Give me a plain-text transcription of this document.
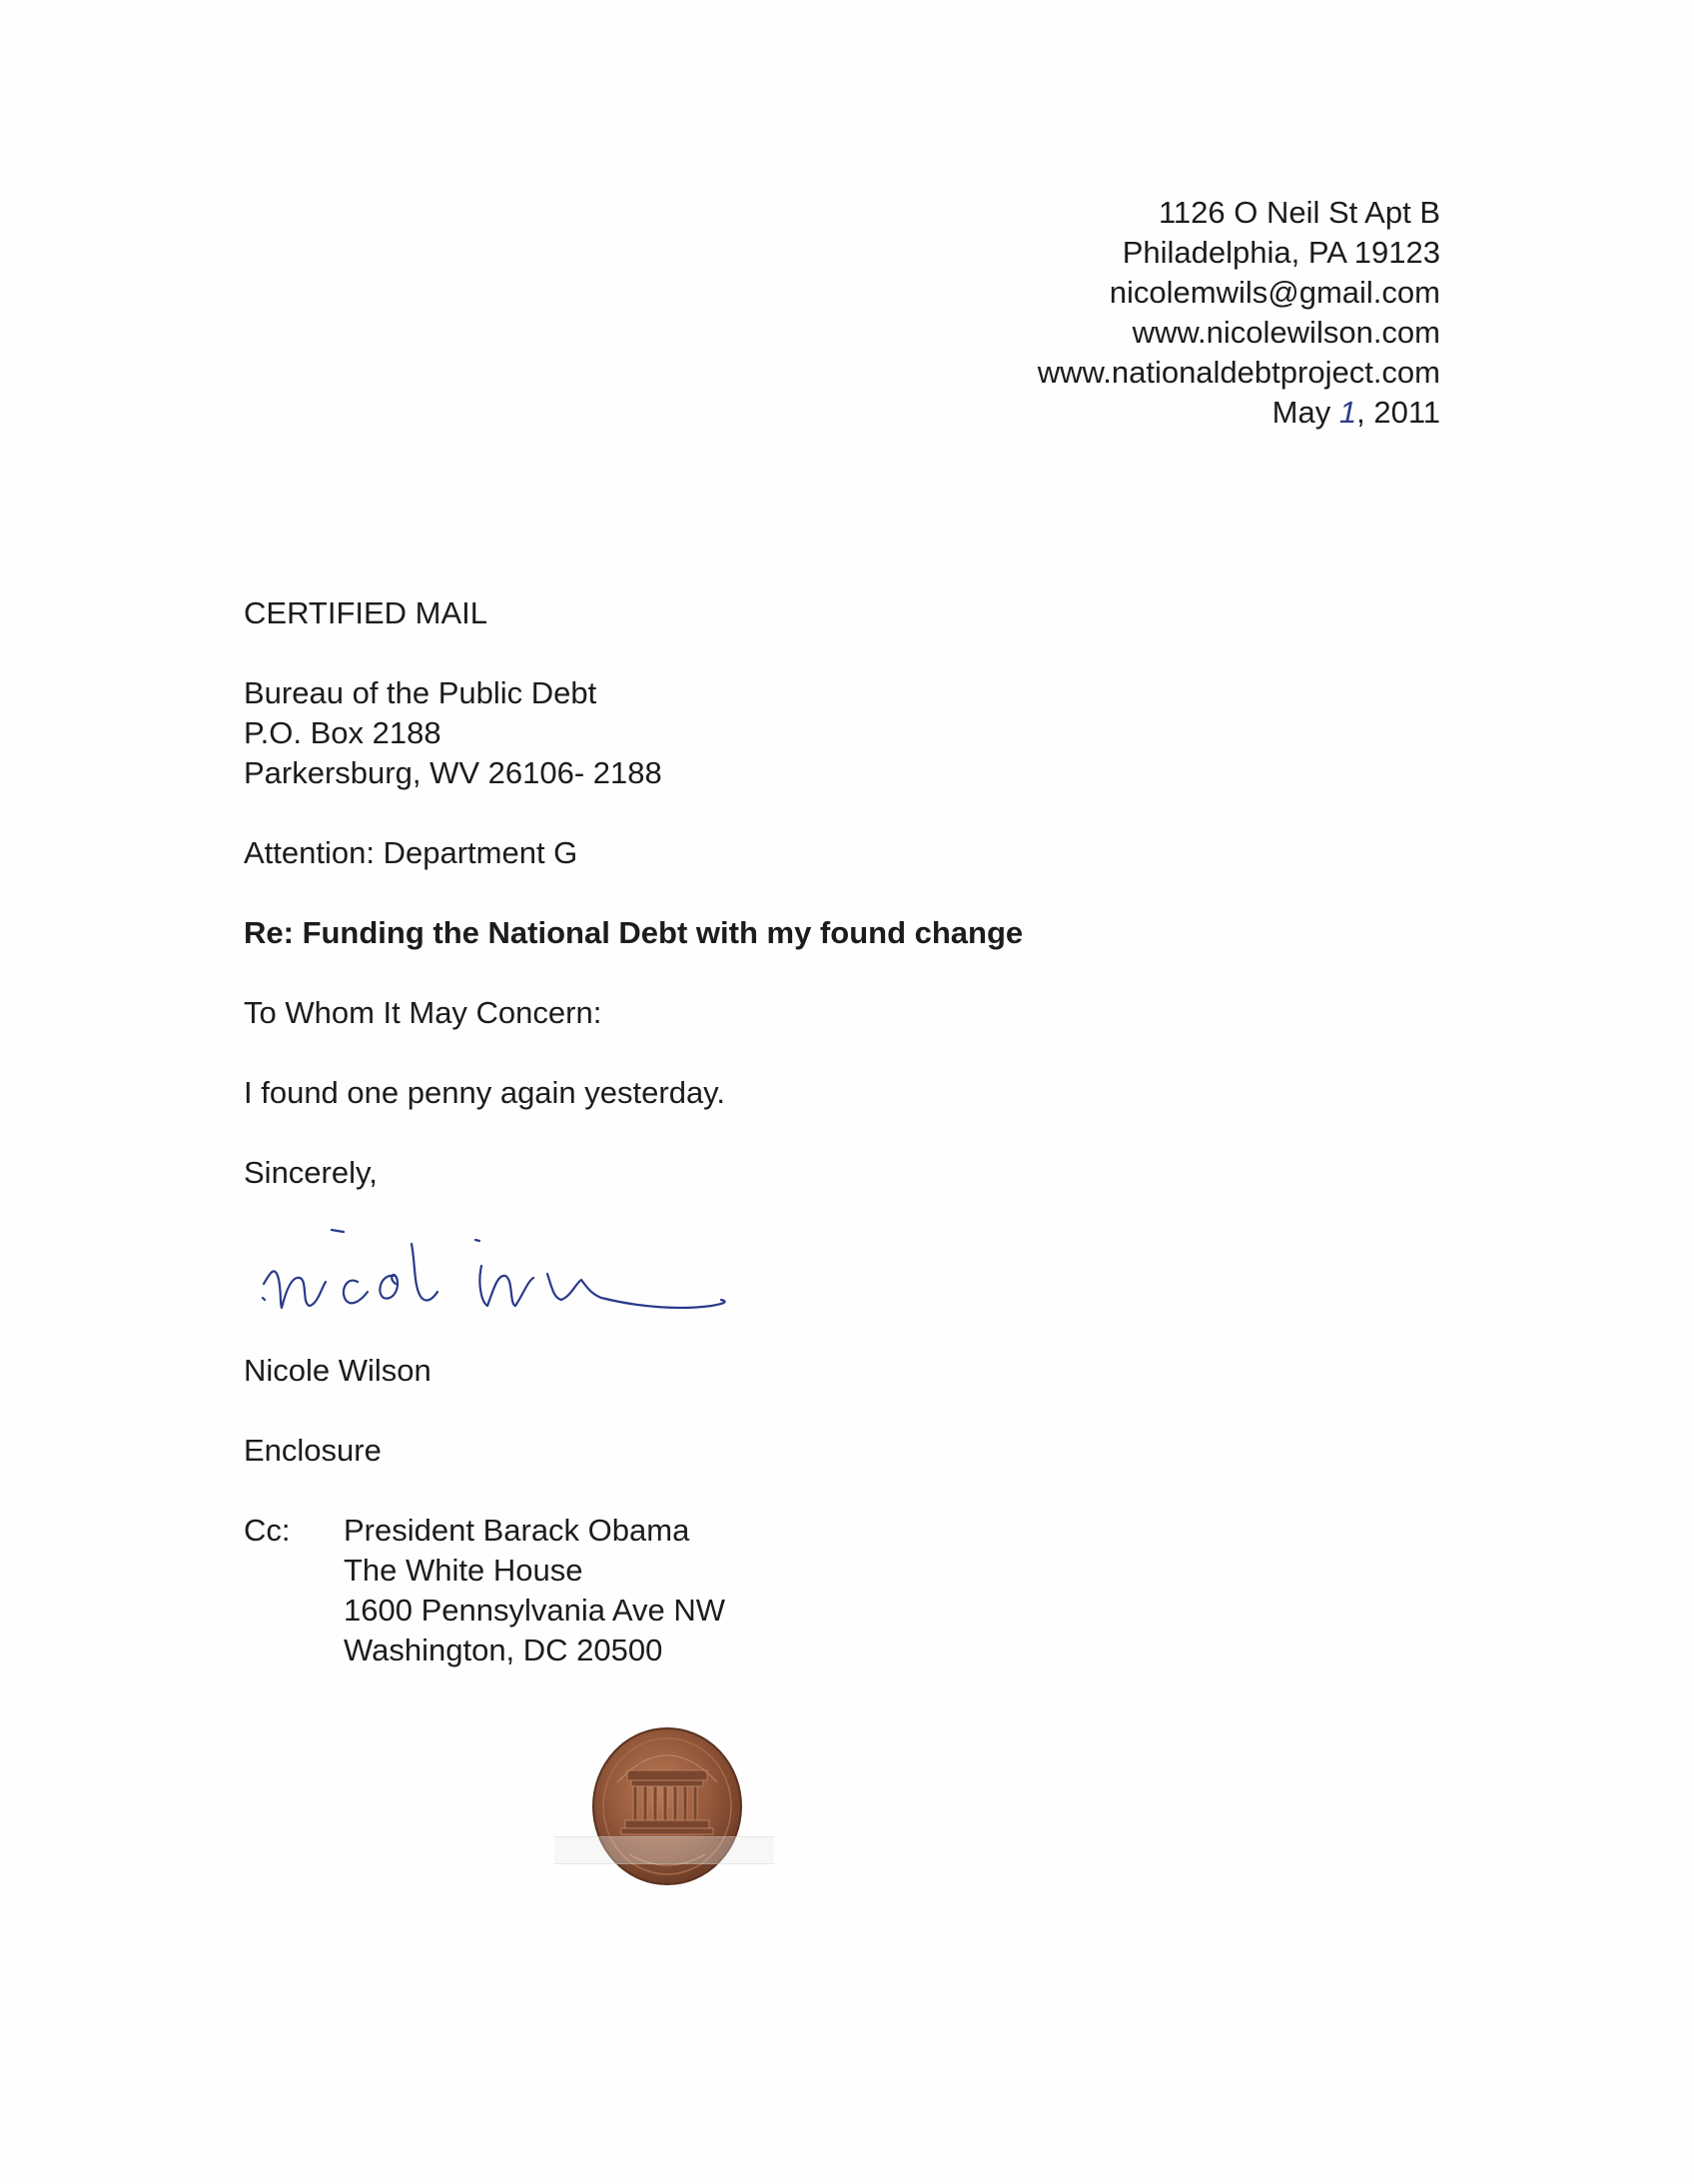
1126 O Neil St Apt B
Philadelphia, PA 19123
nicolemwils@gmail.com
www.nicolewilson.com
www.nationaldebtproject.com
May 1, 2011
CERTIFIED MAIL
Bureau of the Public Debt
P.O. Box 2188
Parkersburg, WV 26106- 2188
Attention: Department G
Re: Funding the National Debt with my found change
To Whom It May Concern:
I found one penny again yesterday.
Sincerely,
Nicole Wilson
Enclosure
Cc: President Barack Obama
The White House
1600 Pennsylvania Ave NW
Washington, DC 20500
